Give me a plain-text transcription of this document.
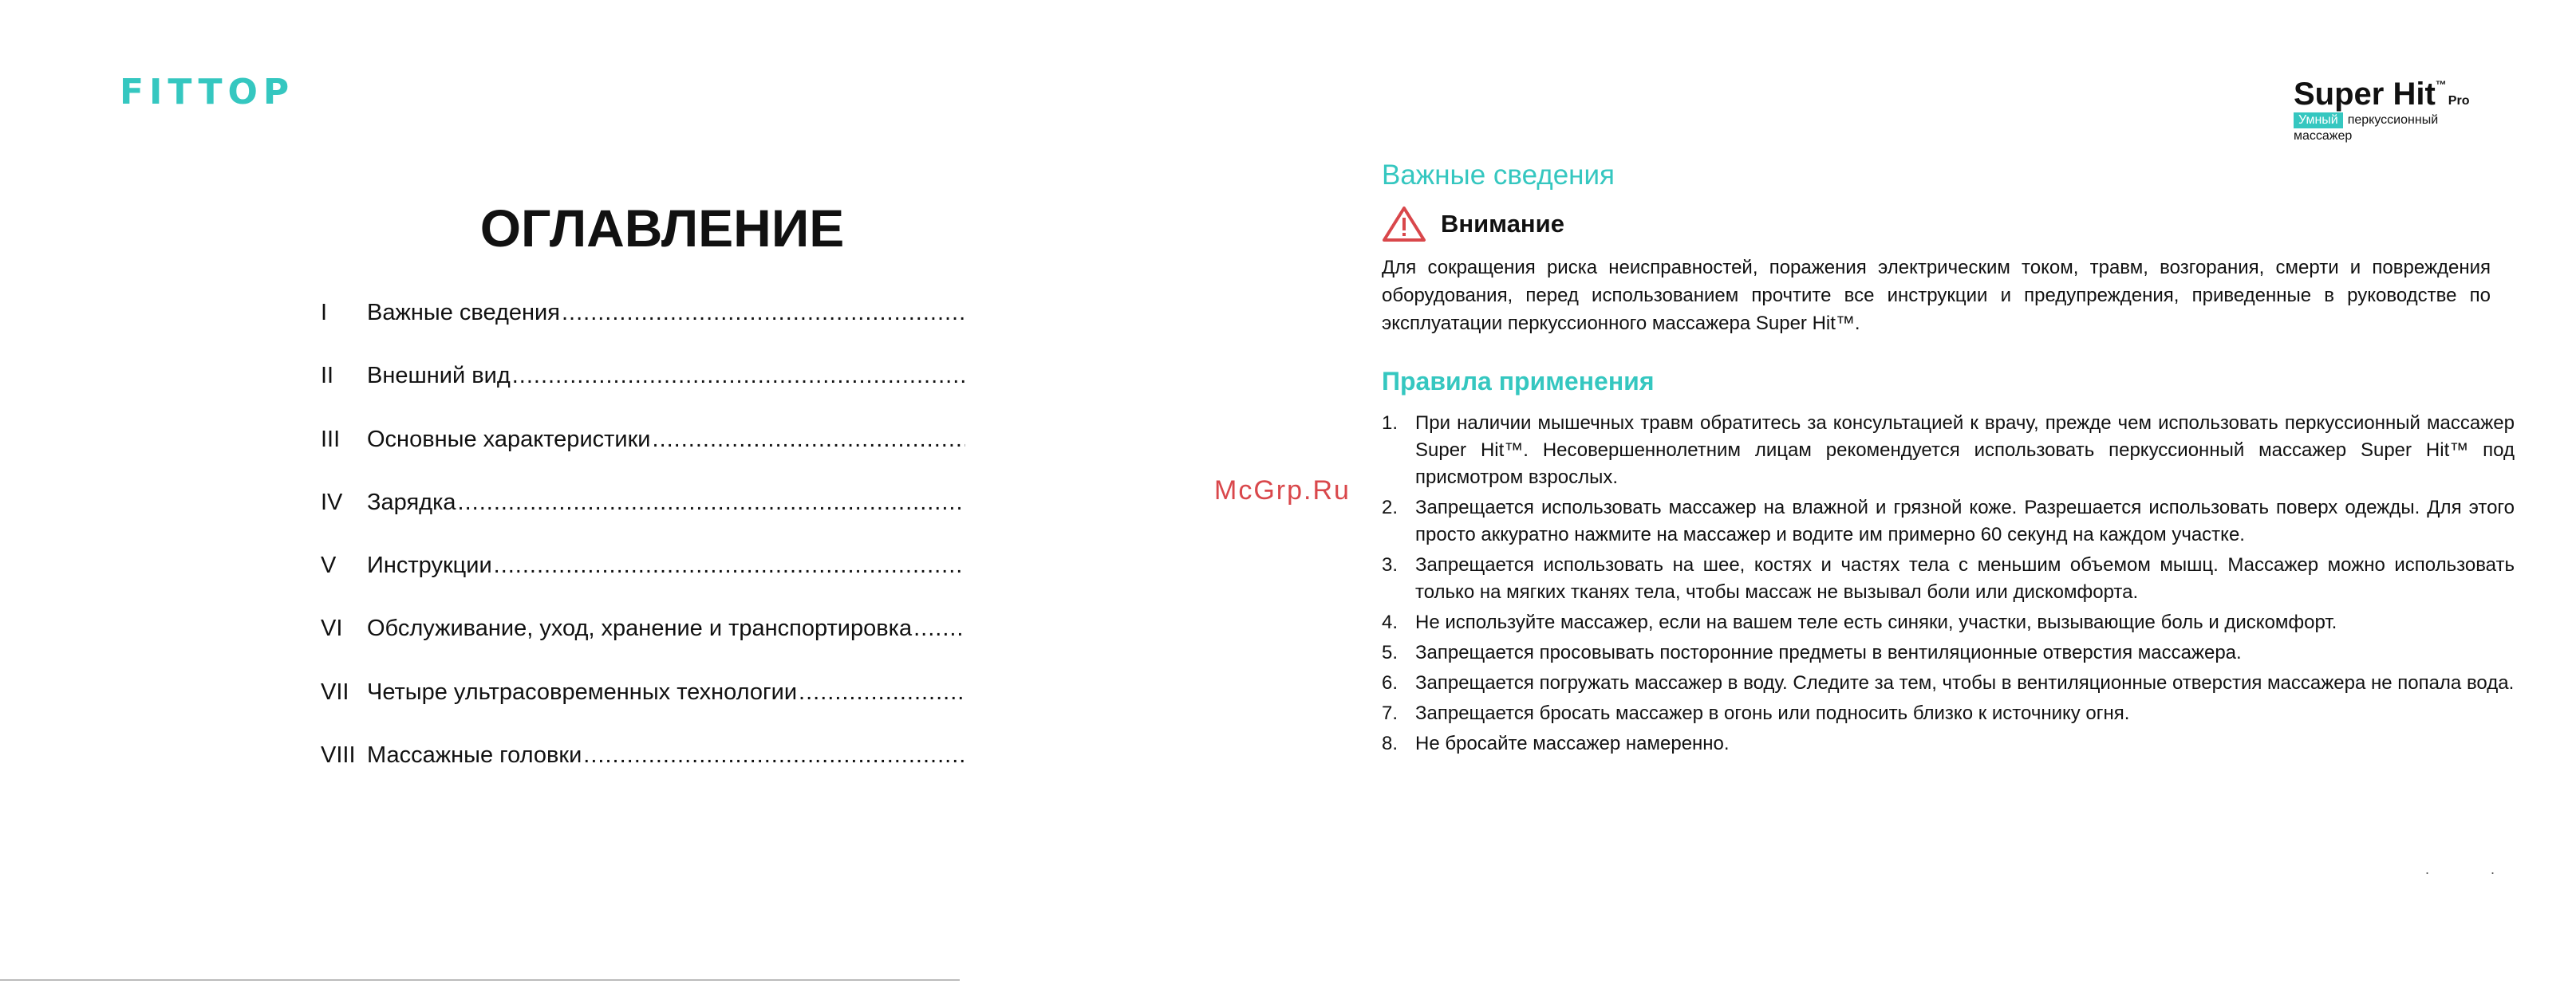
FITTOP
ОГЛАВЛЕНИЕ
I	Важные сведения
.....
II	Внешний вид
.....
III	Основные характеристики
.....
IV	Зарядка
.....
V	Инструкции
.....
VI	Обслуживание, уход, хранение и транспортировка
.....
VII Четыре ультрасовременных технологии
.....
VIII Массажные головки
.....
Super Hit™Pro
Умный перкуссионный массажер
Важные сведения
Внимание
Для сокращения риска неисправностей, поражения электрическим током, травм, возгорания, смерти и повреждения оборудования, перед использованием прочтите все инструкции и предупреждения, приведенные в руководстве по эксплуатации перкуссионного массажера Super Hit™.
Правила применения
1. При наличии мышечных травм обратитесь за консультацией к врачу, прежде чем использовать перкуссионный массажер Super Hit™. Несовершеннолетним лицам рекомендуется использовать перкуссионный массажер Super Hit™ под присмотром взрослых.
2. Запрещается использовать массажер на влажной и грязной коже. Разрешается использовать поверх одежды. Для этого просто аккуратно нажмите на массажер и водите им примерно 60 секунд на каждом участке.
3. Запрещается использовать на шее, костях и частях тела с меньшим объемом мышц. Массажер можно использовать только на мягких тканях тела, чтобы массаж не вызывал боли или дискомфорта.
4. Не используйте массажер, если на вашем теле есть синяки, участки, вызывающие боль и дискомфорт.
5. Запрещается просовывать посторонние предметы в вентиляционные отверстия массажера.
6. Запрещается погружать массажер в воду. Следите за тем, чтобы в вентиляционные отверстия массажера не попала вода.
7. Запрещается бросать массажер в огонь или подносить близко к источнику огня.
8. Не бросайте массажер намеренно.
. .
McGrp.Ru
